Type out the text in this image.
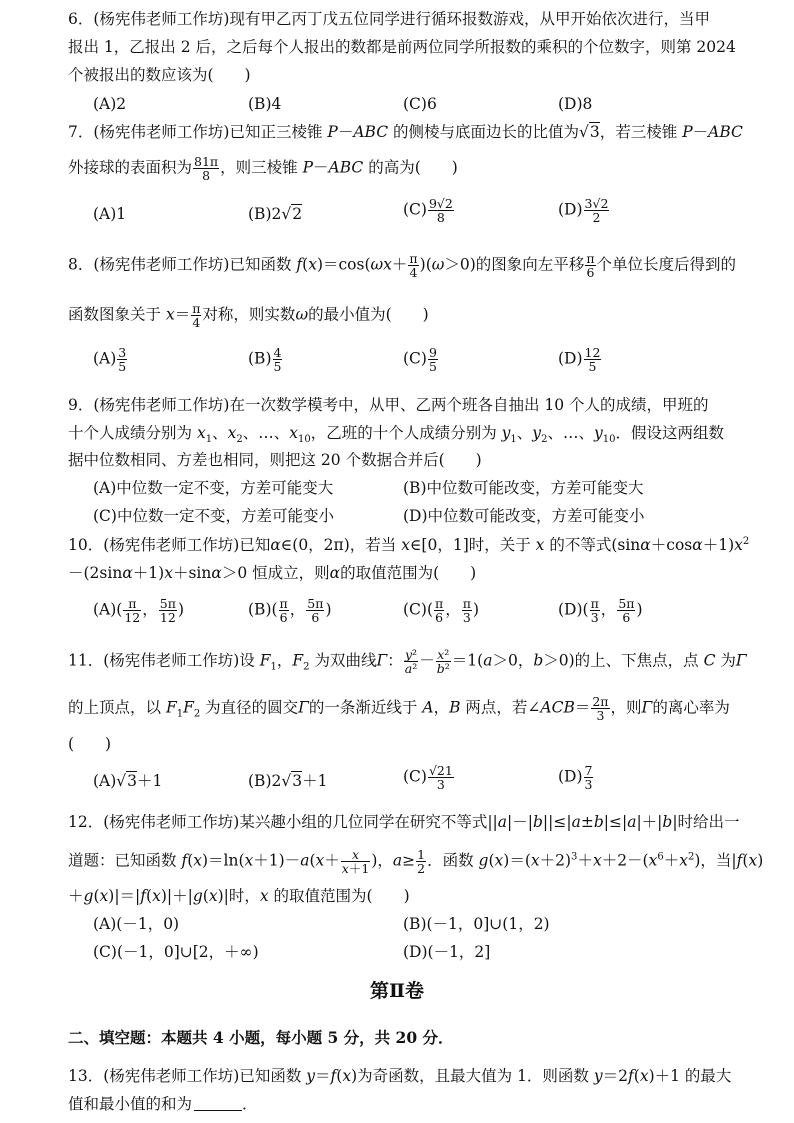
6．(杨宪伟老师工作坊)现有甲乙丙丁戊五位同学进行循环报数游戏，从甲开始依次进行，当甲
报出 1，乙报出 2 后，之后每个人报出的数都是前两位同学所报数的乘积的个位数字，则第 2024
个被报出的数应该为(　　)
(A)2	(B)4	(C)6	(D)8
7．(杨宪伟老师工作坊)已知正三棱锥 P－ABC 的侧棱与底面边长的比值为√3，若三棱锥 P－ABC
外接球的表面积为 $\frac{81\pi}{8}$ ，则三棱锥 P－ABC 的高为(　　)
(A)1	(B)2√2	$(C) \frac{9√2}{8}$	$(D) \frac{3√2}{2}$
8．(杨宪伟老师工作坊)已知函数 $f(x)=\cos(\omega x+ \frac{\pi}{4} )(\omega>0)$的图象向左平移 $\frac{\pi}{6}$ 个单位长度后得到的
函数图象关于 $x= \frac{\pi}{4}$ 对称，则实数ω的最小值为(　　)
$(A) \frac{3}{5}$	$(B) \frac{4}{5}$	$(C) \frac{9}{5}$	$(D) \frac{12}{5}$
9．(杨宪伟老师工作坊)在一次数学模考中，从甲、乙两个班各自抽出 10 个人的成绩，甲班的
十个人成绩分别为 $x_1$、$x_2$、…、$x_{10}$，乙班的十个人成绩分别为 $y_1$、$y_2$、…、$y_{10}$．假设这两组数
据中位数相同、方差也相同，则把这 20 个数据合并后(　　)
(A)中位数一定不变，方差可能变大	(B)中位数可能改变，方差可能变大
(C)中位数一定不变，方差可能变小	(D)中位数可能改变，方差可能变小
10．(杨宪伟老师工作坊)已知α∈(0，2π)，若当 x∈[0，1]时，关于 x 的不等式$(\sin\alpha+\cos\alpha+1)x^2$
－(2sinα＋1)x＋sinα＞0 恒成立，则α的取值范围为(　　)
$(A)( \frac{\pi}{12}$ ， $\frac{5\pi}{12}$ )	$(B)( \frac{\pi}{6}$ ， $\frac{5\pi}{6}$ )	$(C)( \frac{\pi}{6}$ ， $\frac{\pi}{3}$ )	$(D)( \frac{\pi}{3}$ ， $\frac{5\pi}{6}$ )
11．(杨宪伟老师工作坊)设 $F_1$，$F_2$ 为双曲线Γ： $\frac{\text{y²}}{\text{a²}} - \frac{\text{x²}}{\text{b²}} =1(a>0$，b＞0)的上、下焦点，点 C 为Γ
的上顶点，以 $F_1F_2$ 为直径的圆交Γ的一条渐近线于 A，B 两点，若∠ACB＝ $\frac{2\pi}{3}$ ，则Γ的离心率为
(　　)
(A)√3＋1	(B)2√3＋1	$(C) \frac{√21}{3}$	$(D) \frac{7}{3}$
12．(杨宪伟老师工作坊)某兴趣小组的几位同学在研究不等式||a|－|b||≤|a±b|≤|a|＋|b|时给出一
道题：已知函数 $f(x)=\ln(x+1)-a(x+ \frac{x}{x+1}$ )，$a\ge \frac{1}{2}$ ．函数 $g(x)=(x+2)^3+x+2-(x^6+x^2)$，当|f(x)
＋g(x)|＝|f(x)|＋|g(x)|时，x 的取值范围为(　　)
(A)(－1，0)	(B)(－1，0]∪(1，2)
(C)(－1，0]∪[2，＋∞)	(D)(－1，2]
第Ⅱ卷
二、填空题：本题共 4 小题，每小题 5 分，共 20 分．
13．(杨宪伟老师工作坊)已知函数 y＝f(x)为奇函数，且最大值为 1．则函数 y＝2f(x)＋1 的最大
值和最小值的和为	．
